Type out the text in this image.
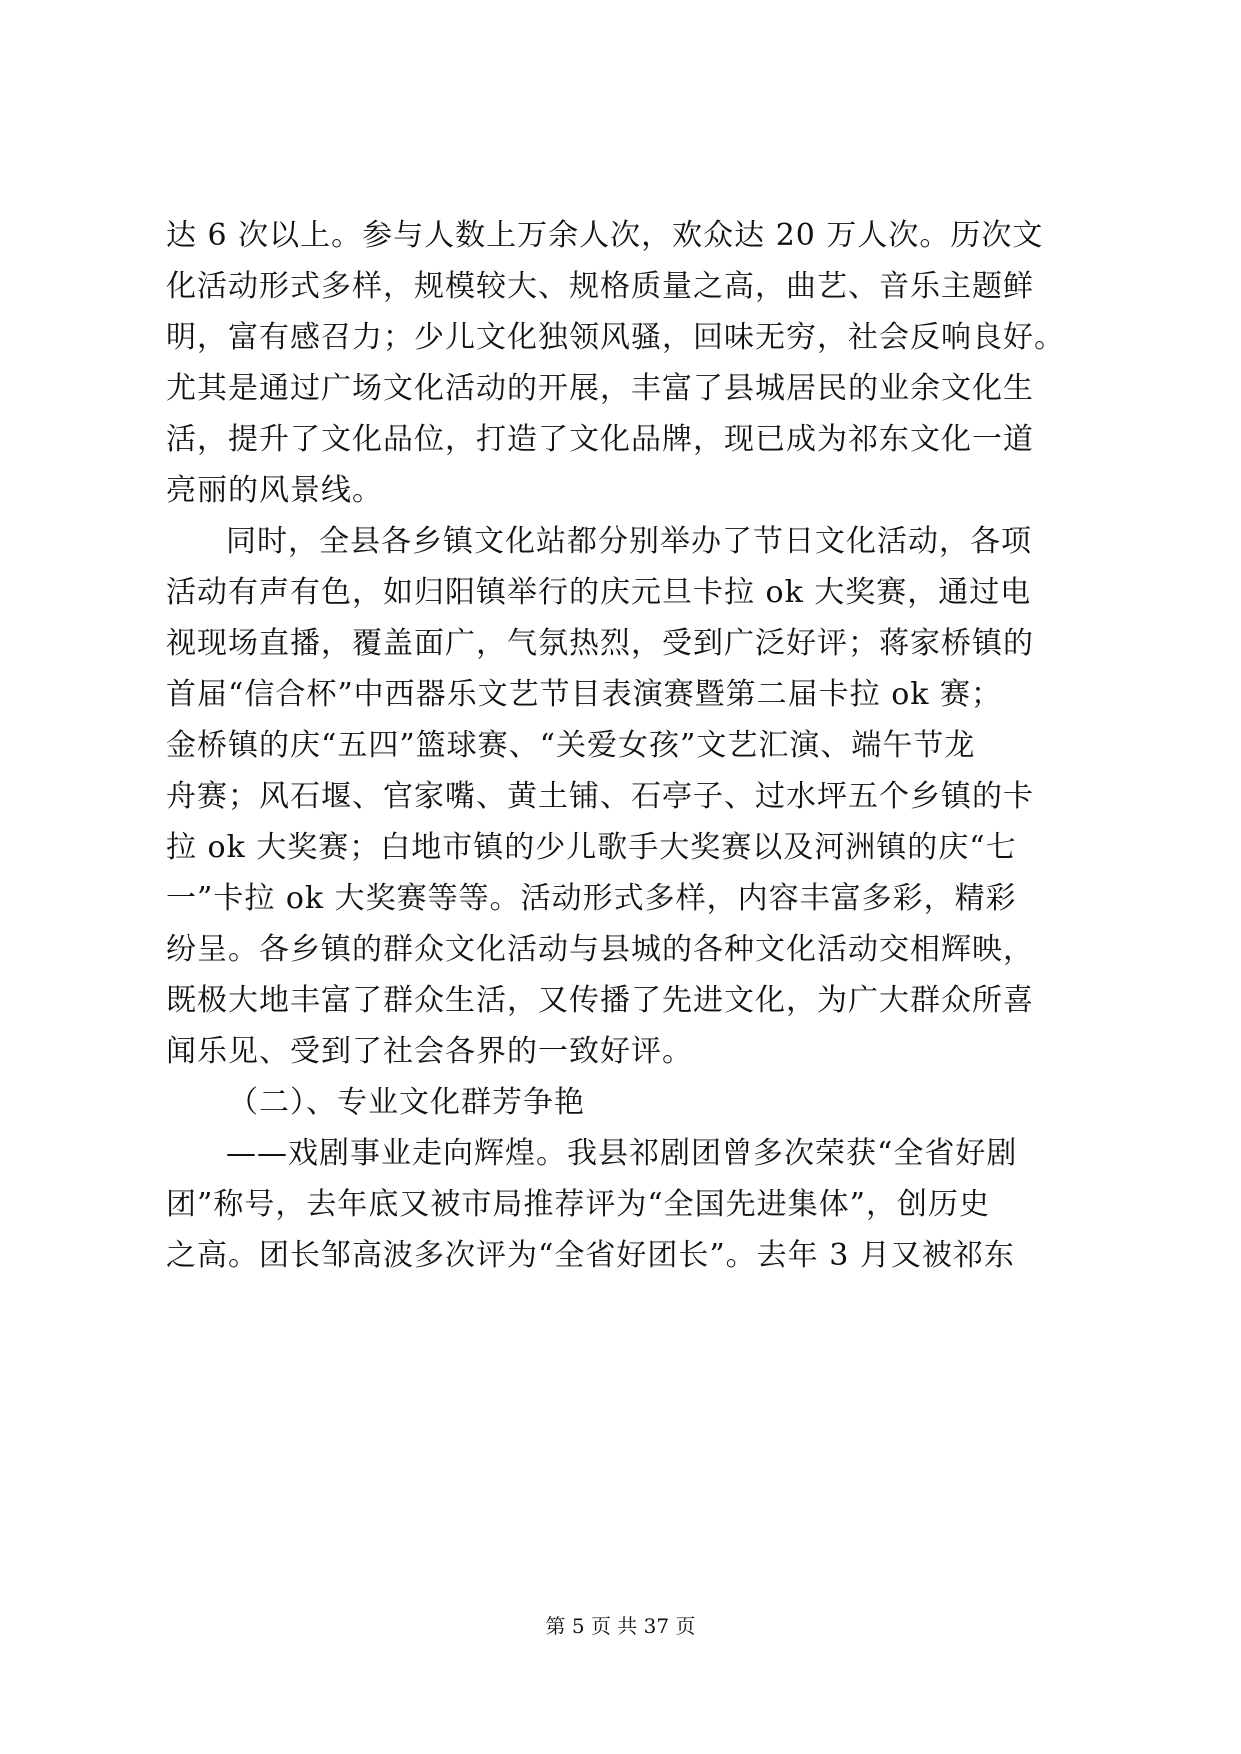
达 6 次以上。参与人数上万余人次，欢众达 20 万人次。历次文
化活动形式多样，规模较大、规格质量之高，曲艺、音乐主题鲜
明，富有感召力；少儿文化独领风骚，回味无穷，社会反响良好。
尤其是通过广场文化活动的开展，丰富了县城居民的业余文化生
活，提升了文化品位，打造了文化品牌，现已成为祁东文化一道
亮丽的风景线。
同时，全县各乡镇文化站都分别举办了节日文化活动，各项
活动有声有色，如归阳镇举行的庆元旦卡拉 ok 大奖赛，通过电
视现场直播，覆盖面广，气氛热烈，受到广泛好评；蒋家桥镇的
首届“信合杯”中西器乐文艺节目表演赛暨第二届卡拉 ok 赛；
金桥镇的庆“五四”篮球赛、“关爱女孩”文艺汇演、端午节龙
舟赛；风石堰、官家嘴、黄土铺、石亭子、过水坪五个乡镇的卡
拉 ok 大奖赛；白地市镇的少儿歌手大奖赛以及河洲镇的庆“七
一”卡拉 ok 大奖赛等等。活动形式多样，内容丰富多彩，精彩
纷呈。各乡镇的群众文化活动与县城的各种文化活动交相辉映，
既极大地丰富了群众生活，又传播了先进文化，为广大群众所喜
闻乐见、受到了社会各界的一致好评。
（二）、专业文化群芳争艳
——戏剧事业走向辉煌。我县祁剧团曾多次荣获“全省好剧
团”称号，去年底又被市局推荐评为“全国先进集体”，创历史
之高。团长邹高波多次评为“全省好团长”。去年 3 月又被祁东
第 5 页 共 37 页
